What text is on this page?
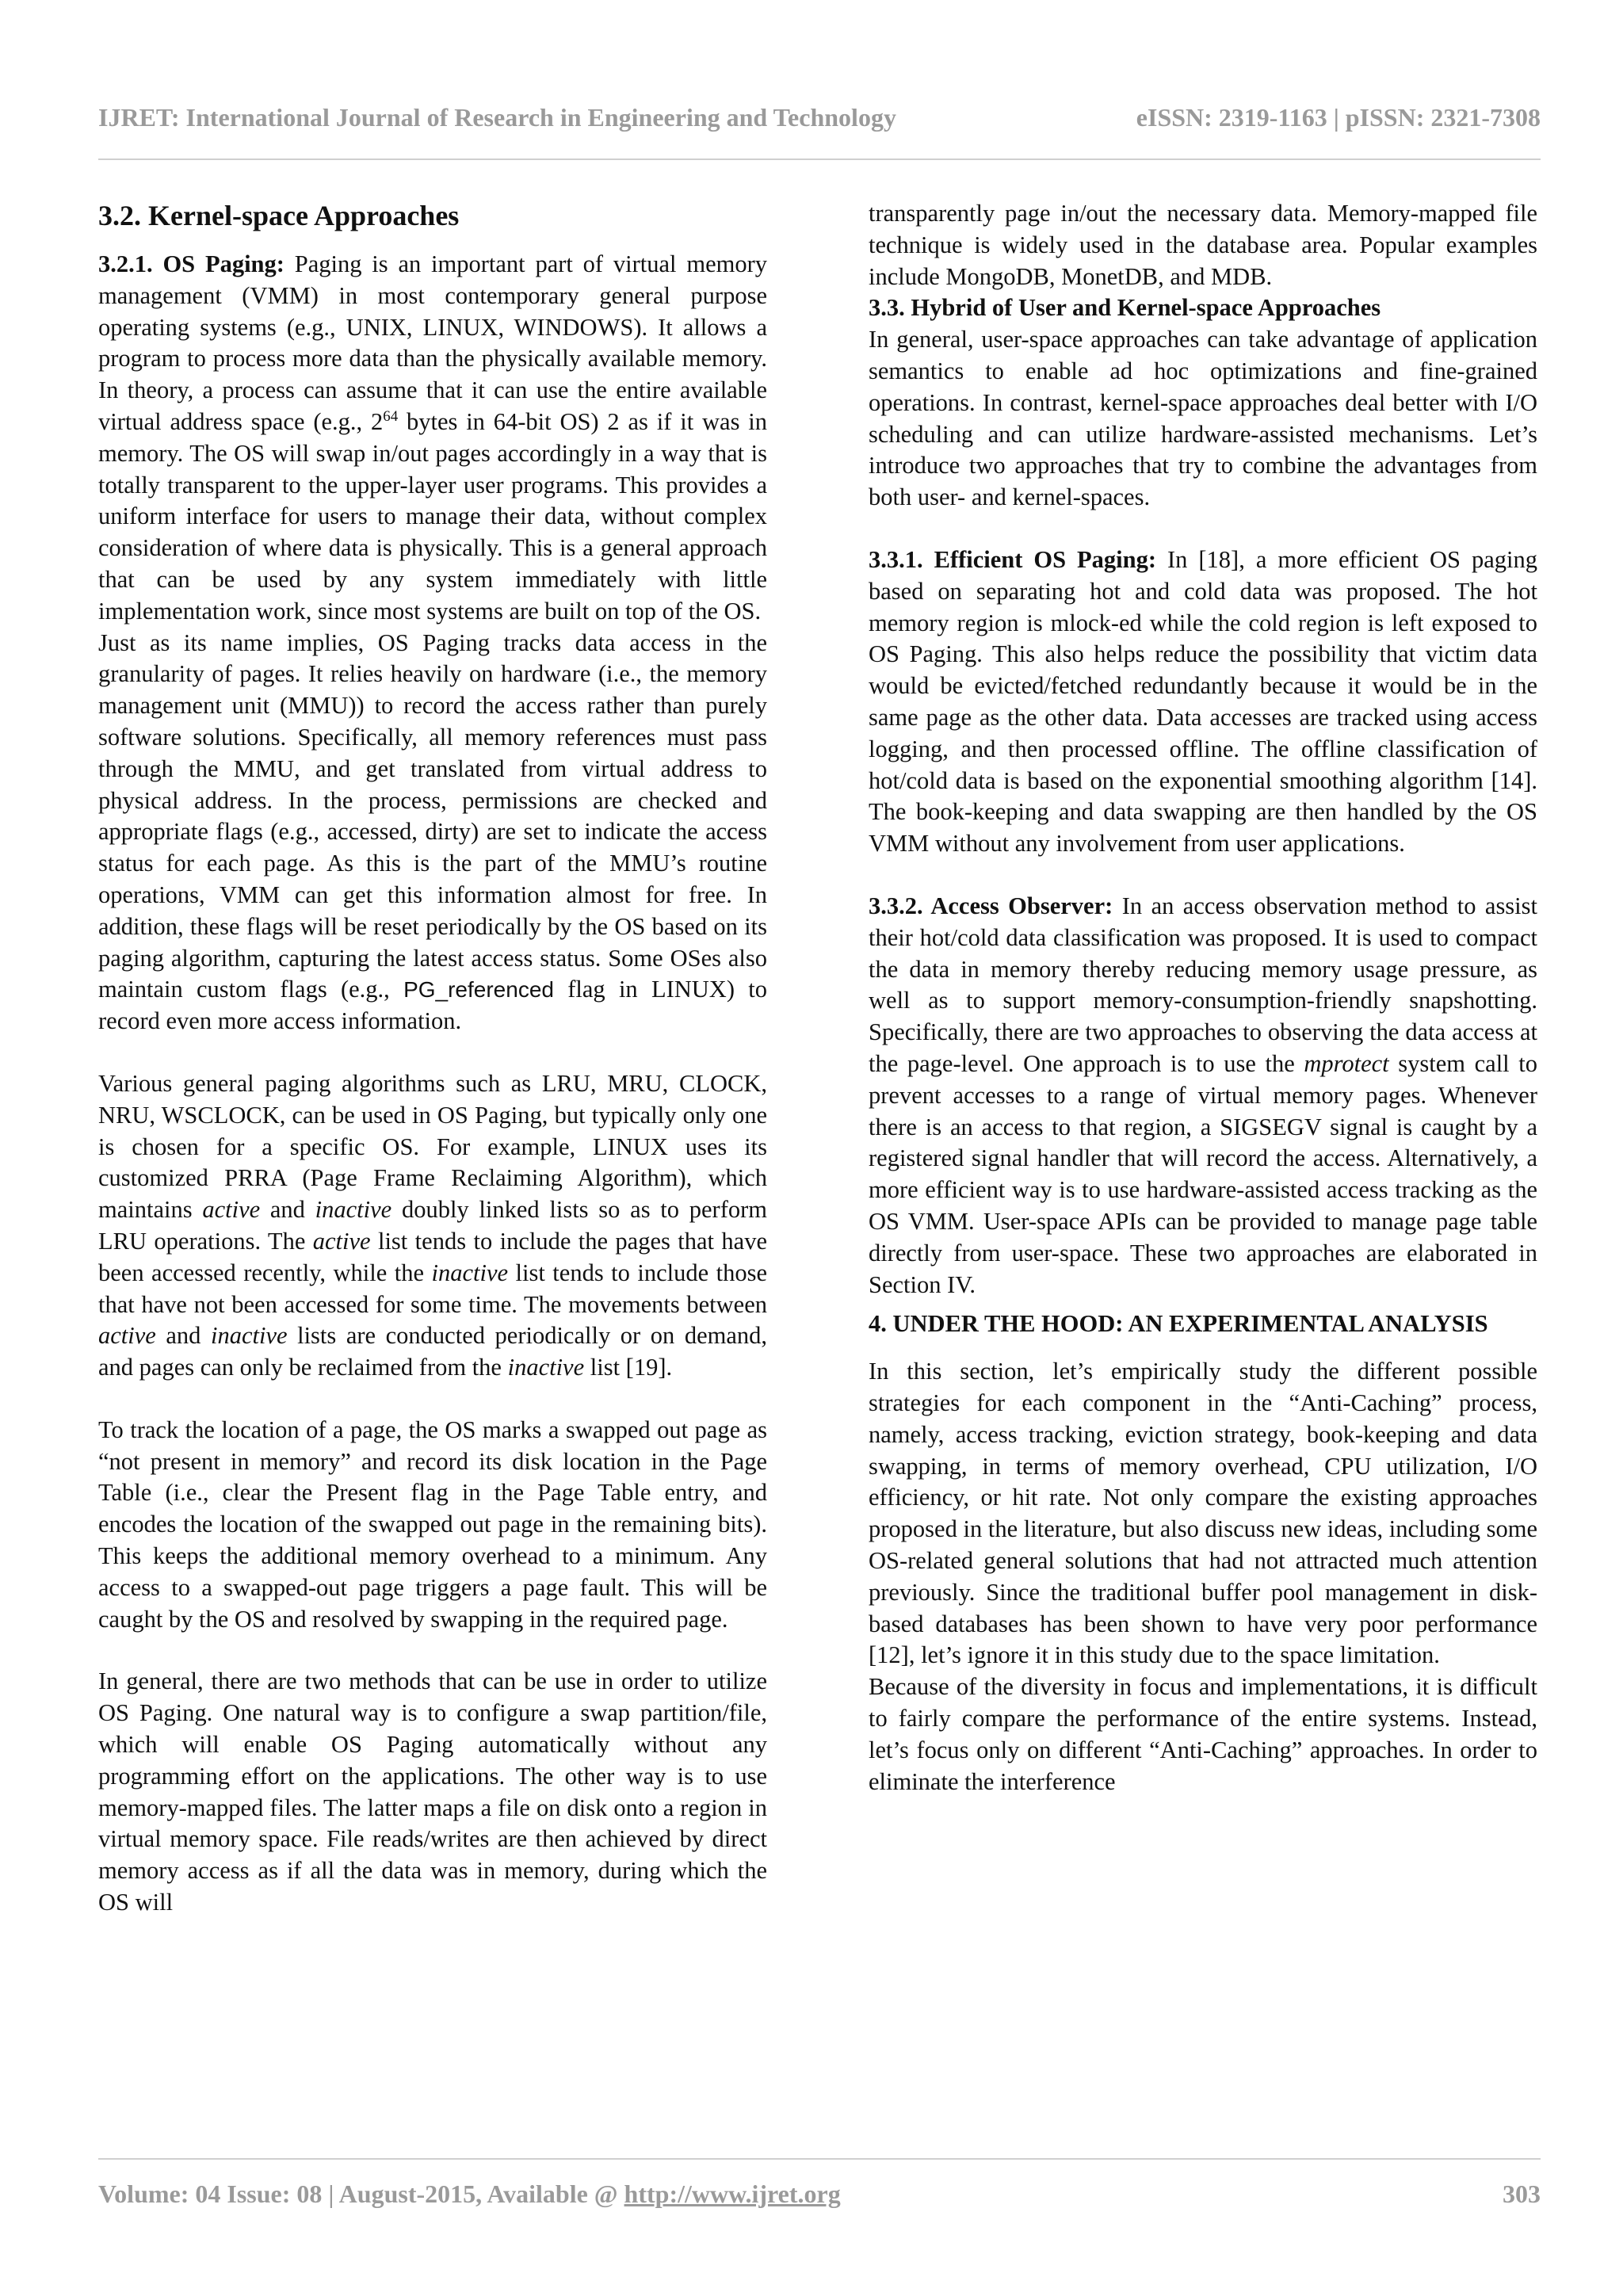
IJRET: International Journal of Research in Engineering and Technology	eISSN: 2319-1163 | pISSN: 2321-7308
3.2. Kernel-space Approaches

3.2.1. OS Paging: Paging is an important part of virtual memory management (VMM) in most contemporary general purpose operating systems (e.g., UNIX, LINUX, WINDOWS). It allows a program to process more data than the physically available memory. In theory, a process can assume that it can use the entire available virtual address space (e.g., $2^{64}$ bytes in 64-bit OS) 2 as if it was in memory. The OS will swap in/out pages accordingly in a way that is totally transparent to the upper-layer user programs. This provides a uniform interface for users to manage their data, without complex consideration of where data is physically. This is a general approach that can be used by any system immediately with little implementation work, since most systems are built on top of the OS.

Just as its name implies, OS Paging tracks data access in the granularity of pages. It relies heavily on hardware (i.e., the memory management unit (MMU)) to record the access rather than purely software solutions. Specifically, all memory references must pass through the MMU, and get translated from virtual address to physical address. In the process, permissions are checked and appropriate flags (e.g., accessed, dirty) are set to indicate the access status for each page. As this is the part of the MMU’s routine operations, VMM can get this information almost for free. In addition, these flags will be reset periodically by the OS based on its paging algorithm, capturing the latest access status. Some OSes also maintain custom flags (e.g., PG_referenced flag in LINUX) to record even more access information.

Various general paging algorithms such as LRU, MRU, CLOCK, NRU, WSCLOCK, can be used in OS Paging, but typically only one is chosen for a specific OS. For example, LINUX uses its customized PRRA (Page Frame Reclaiming Algorithm), which maintains active and inactive doubly linked lists so as to perform LRU operations. The active list tends to include the pages that have been accessed recently, while the inactive list tends to include those that have not been accessed for some time. The movements between active and inactive lists are conducted periodically or on demand, and pages can only be reclaimed from the inactive list [19].

To track the location of a page, the OS marks a swapped out page as “not present in memory” and record its disk location in the Page Table (i.e., clear the Present flag in the Page Table entry, and encodes the location of the swapped out page in the remaining bits). This keeps the additional memory overhead to a minimum. Any access to a swapped-out page triggers a page fault. This will be caught by the OS and resolved by swapping in the required page.

In general, there are two methods that can be use in order to utilize OS Paging. One natural way is to configure a swap partition/file, which will enable OS Paging automatically without any programming effort on the applications. The other way is to use memory-mapped files. The latter maps a file on disk onto a region in virtual memory space. File reads/writes are then achieved by direct memory access as if all the data was in memory, during which the OS will

transparently page in/out the necessary data. Memory-mapped file technique is widely used in the database area. Popular examples include MongoDB, MonetDB, and MDB.

3.3. Hybrid of User and Kernel-space Approaches

In general, user-space approaches can take advantage of application semantics to enable ad hoc optimizations and fine-grained operations. In contrast, kernel-space approaches deal better with I/O scheduling and can utilize hardware-assisted mechanisms. Let’s introduce two approaches that try to combine the advantages from both user- and kernel-spaces.

3.3.1. Efficient OS Paging: In [18], a more efficient OS paging based on separating hot and cold data was proposed. The hot memory region is mlock-ed while the cold region is left exposed to OS Paging. This also helps reduce the possibility that victim data would be evicted/fetched redundantly because it would be in the same page as the other data. Data accesses are tracked using access logging, and then processed offline. The offline classification of hot/cold data is based on the exponential smoothing algorithm [14]. The book-keeping and data swapping are then handled by the OS VMM without any involvement from user applications.

3.3.2. Access Observer: In an access observation method to assist their hot/cold data classification was proposed. It is used to compact the data in memory thereby reducing memory usage pressure, as well as to support memory-consumption-friendly snapshotting. Specifically, there are two approaches to observing the data access at the page-level. One approach is to use the mprotect system call to prevent accesses to a range of virtual memory pages. Whenever there is an access to that region, a SIGSEGV signal is caught by a registered signal handler that will record the access. Alternatively, a more efficient way is to use hardware-assisted access tracking as the OS VMM. User-space APIs can be provided to manage page table directly from user-space. These two approaches are elaborated in Section IV.

4. UNDER THE HOOD: AN EXPERIMENTAL ANALYSIS

In this section, let’s empirically study the different possible strategies for each component in the “Anti-Caching” process, namely, access tracking, eviction strategy, book-keeping and data swapping, in terms of memory overhead, CPU utilization, I/O efficiency, or hit rate. Not only compare the existing approaches proposed in the literature, but also discuss new ideas, including some OS-related general solutions that had not attracted much attention previously. Since the traditional buffer pool management in disk-based databases has been shown to have very poor performance [12], let’s ignore it in this study due to the space limitation.

Because of the diversity in focus and implementations, it is difficult to fairly compare the performance of the entire systems. Instead, let’s focus only on different “Anti-Caching” approaches. In order to eliminate the interference

Volume: 04 Issue: 08 | August-2015, Available @ http://www.ijret.org	303
